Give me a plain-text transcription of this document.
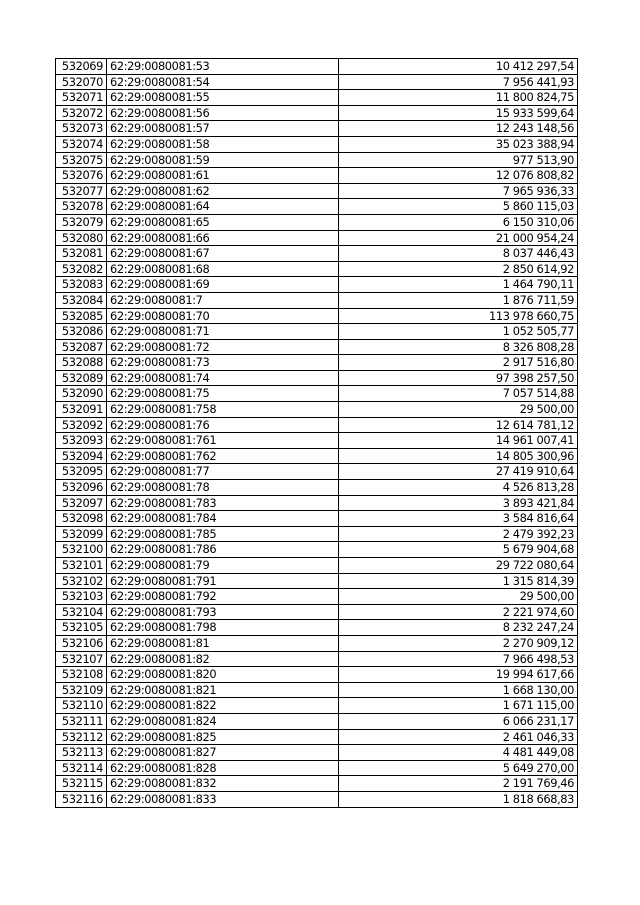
532069	62:29:0080081:53	10 412 297,54
532070	62:29:0080081:54	7 956 441,93
532071	62:29:0080081:55	11 800 824,75
532072	62:29:0080081:56	15 933 599,64
532073	62:29:0080081:57	12 243 148,56
532074	62:29:0080081:58	35 023 388,94
532075	62:29:0080081:59	977 513,90
532076	62:29:0080081:61	12 076 808,82
532077	62:29:0080081:62	7 965 936,33
532078	62:29:0080081:64	5 860 115,03
532079	62:29:0080081:65	6 150 310,06
532080	62:29:0080081:66	21 000 954,24
532081	62:29:0080081:67	8 037 446,43
532082	62:29:0080081:68	2 850 614,92
532083	62:29:0080081:69	1 464 790,11
532084	62:29:0080081:7	1 876 711,59
532085	62:29:0080081:70	113 978 660,75
532086	62:29:0080081:71	1 052 505,77
532087	62:29:0080081:72	8 326 808,28
532088	62:29:0080081:73	2 917 516,80
532089	62:29:0080081:74	97 398 257,50
532090	62:29:0080081:75	7 057 514,88
532091	62:29:0080081:758	29 500,00
532092	62:29:0080081:76	12 614 781,12
532093	62:29:0080081:761	14 961 007,41
532094	62:29:0080081:762	14 805 300,96
532095	62:29:0080081:77	27 419 910,64
532096	62:29:0080081:78	4 526 813,28
532097	62:29:0080081:783	3 893 421,84
532098	62:29:0080081:784	3 584 816,64
532099	62:29:0080081:785	2 479 392,23
532100	62:29:0080081:786	5 679 904,68
532101	62:29:0080081:79	29 722 080,64
532102	62:29:0080081:791	1 315 814,39
532103	62:29:0080081:792	29 500,00
532104	62:29:0080081:793	2 221 974,60
532105	62:29:0080081:798	8 232 247,24
532106	62:29:0080081:81	2 270 909,12
532107	62:29:0080081:82	7 966 498,53
532108	62:29:0080081:820	19 994 617,66
532109	62:29:0080081:821	1 668 130,00
532110	62:29:0080081:822	1 671 115,00
532111	62:29:0080081:824	6 066 231,17
532112	62:29:0080081:825	2 461 046,33
532113	62:29:0080081:827	4 481 449,08
532114	62:29:0080081:828	5 649 270,00
532115	62:29:0080081:832	2 191 769,46
532116	62:29:0080081:833	1 818 668,83
